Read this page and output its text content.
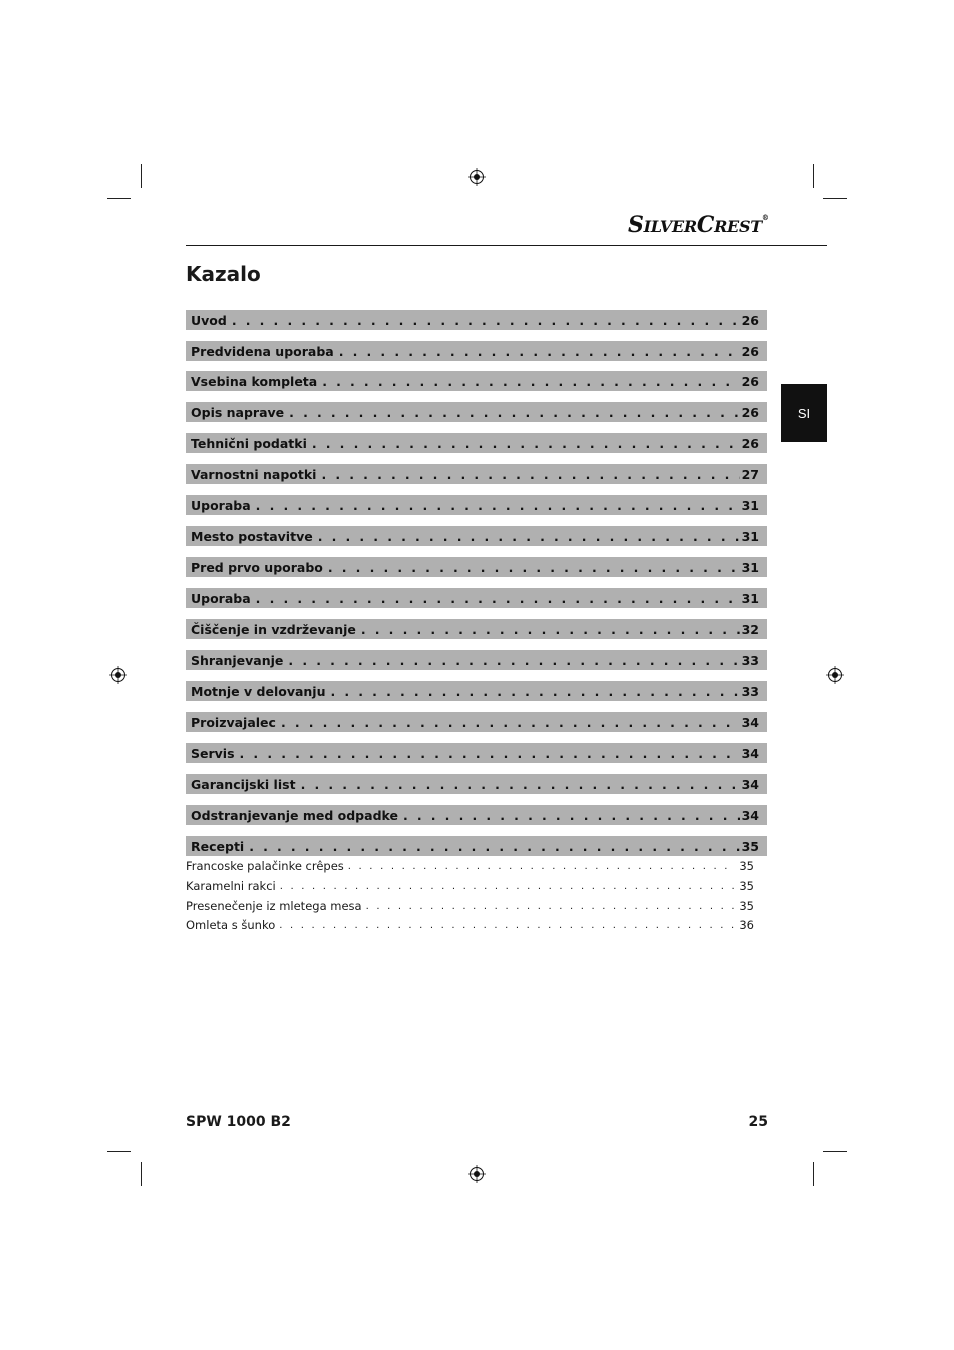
SILVERCREST®
Kazalo
SI
Uvod . . .	26
Predvidena uporaba . . .	26
Vsebina kompleta . . .	26
Opis naprave . . .	26
Tehnični podatki . . .	26
Varnostni napotki . . .	27
Uporaba . . .	31
Mesto postavitve . . .	31
Pred prvo uporabo . . .	31
Uporaba . . .	31
Čiščenje in vzdrževanje . . .	32
Shranjevanje . . .	33
Motnje v delovanju . . .	33
Proizvajalec . . .	34
Servis . . .	34
Garancijski list . . .	34
Odstranjevanje med odpadke . . .	34
Recepti . . .	35
Francoske palačinke crêpes . . .	35
Karamelni rakci . . .	35
Presenečenje iz mletega mesa . . .	35
Omleta s šunko . . .	36
SPW 1000 B2	25
